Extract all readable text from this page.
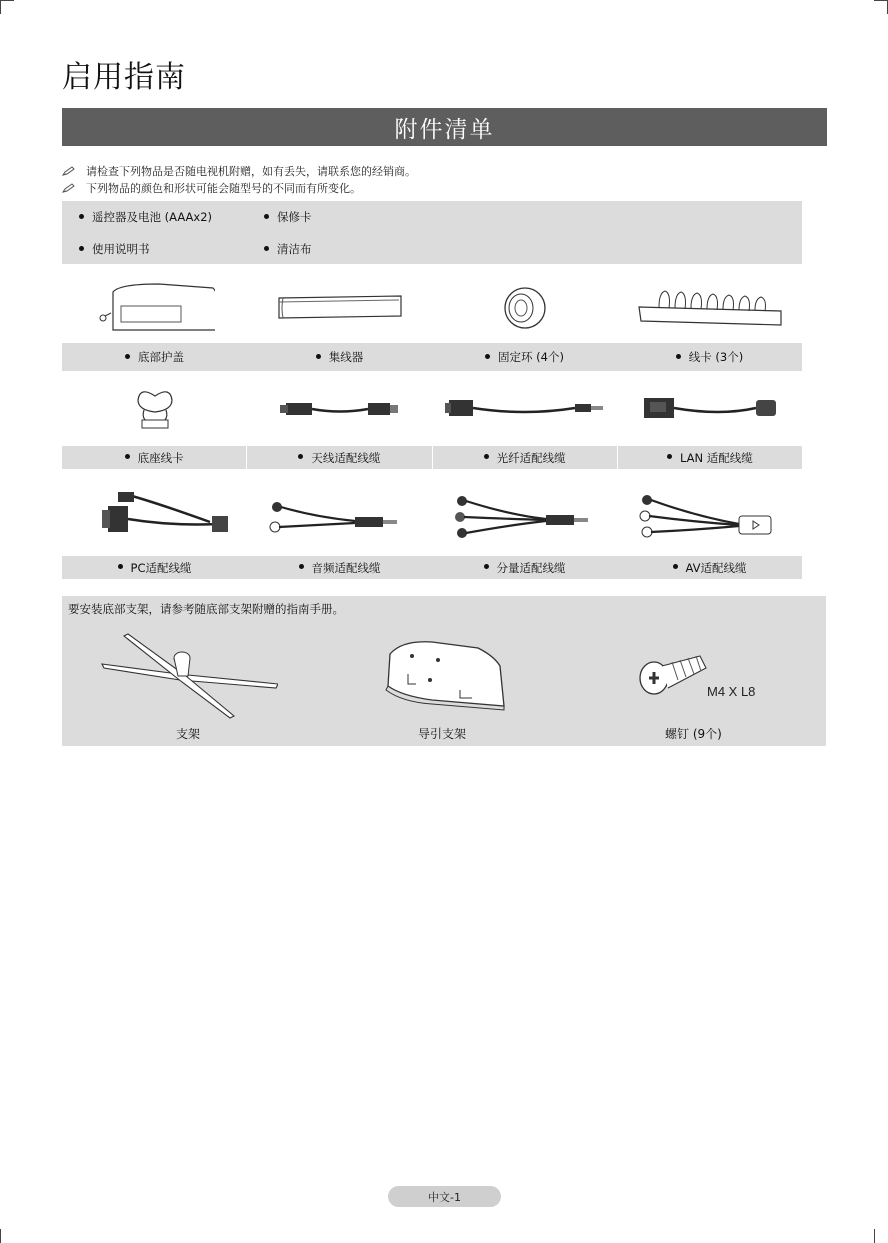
启用指南
附件清单
请检查下列物品是否随电视机附赠，如有丢失，请联系您的经销商。
下列物品的颜色和形状可能会随型号的不同而有所变化。
遥控器及电池 (AAAx2)	保修卡
使用说明书	清洁布
底部护盖	集线器	固定环 (4个)	线卡 (3个)
底座线卡	天线适配线缆	光纤适配线缆	LAN 适配线缆
PC适配线缆	音频适配线缆	分量适配线缆	AV适配线缆
要安装底部支架，请参考随底部支架附赠的指南手册。
M4 X L8
支架	导引支架	螺钉 (9个)
中文-1
